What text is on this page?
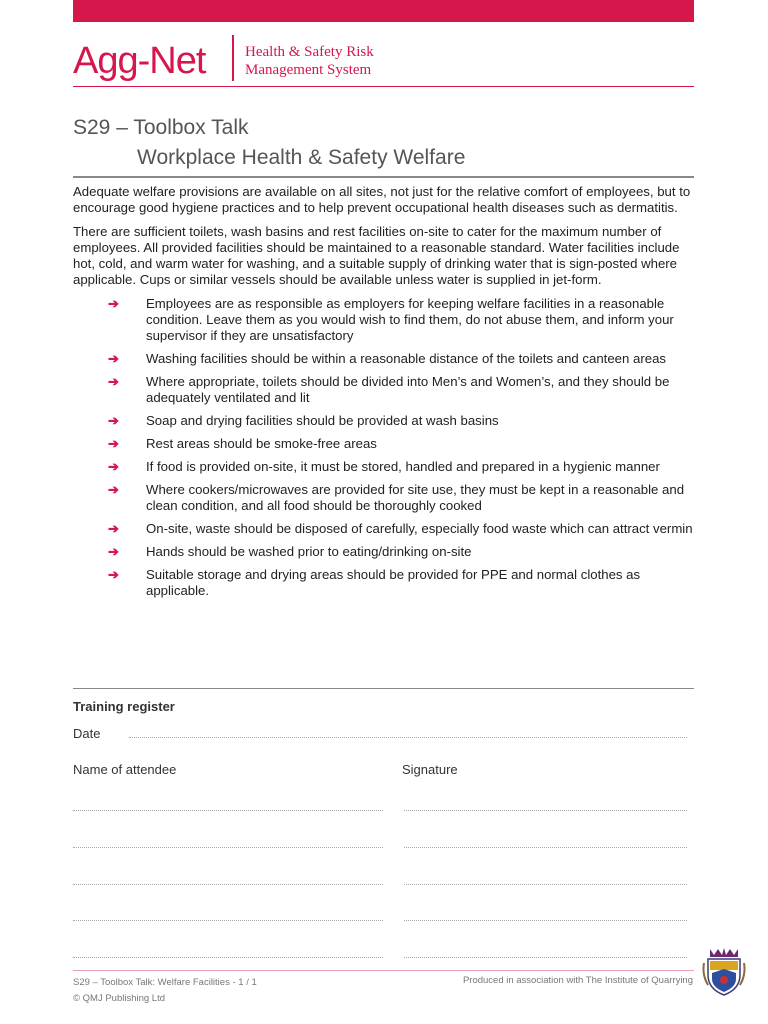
Agg-Net	Health & Safety Risk
Management System
S29 – Toolbox Talk
Workplace Health & Safety Welfare

Adequate welfare provisions are available on all sites, not just for the relative comfort of employees, but to encourage good hygiene practices and to help prevent occupational health diseases such as dermatitis.

There are sufficient toilets, wash basins and rest facilities on-site to cater for the maximum number of employees. All provided facilities should be maintained to a reasonable standard. Water facilities include hot, cold, and warm water for washing, and a suitable supply of drinking water that is sign-posted where applicable. Cups or similar vessels should be available unless water is supplied in jet-form.

➔ Employees are as responsible as employers for keeping welfare facilities in a reasonable condition. Leave them as you would wish to find them, do not abuse them, and inform your supervisor if they are unsatisfactory
➔ Washing facilities should be within a reasonable distance of the toilets and canteen areas
➔ Where appropriate, toilets should be divided into Men’s and Women’s, and they should be adequately ventilated and lit
➔ Soap and drying facilities should be provided at wash basins
➔ Rest areas should be smoke-free areas
➔ If food is provided on-site, it must be stored, handled and prepared in a hygienic manner
➔ Where cookers/microwaves are provided for site use, they must be kept in a reasonable and clean condition, and all food should be thoroughly cooked
➔ On-site, waste should be disposed of carefully, especially food waste which can attract vermin
➔ Hands should be washed prior to eating/drinking on-site
➔ Suitable storage and drying areas should be provided for PPE and normal clothes as applicable.
Training register
Date
Name of attendee	Signature
S29 – Toolbox Talk: Welfare Facilities - 1 / 1
© QMJ Publishing Ltd
Produced in association with The Institute of Quarrying
